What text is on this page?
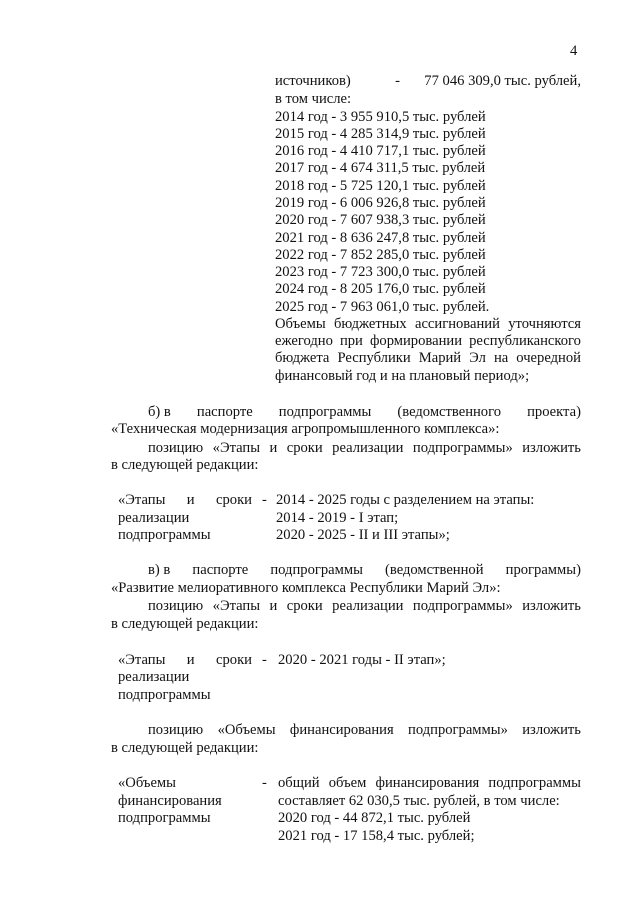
4
источников)	- 77 046 309,0 тыс. рублей,
в том числе:
2014 год - 3 955 910,5 тыс. рублей
2015 год - 4 285 314,9 тыс. рублей
2016 год - 4 410 717,1 тыс. рублей
2017 год - 4 674 311,5 тыс. рублей
2018 год - 5 725 120,1 тыс. рублей
2019 год - 6 006 926,8 тыс. рублей
2020 год - 7 607 938,3 тыс. рублей
2021 год - 8 636 247,8 тыс. рублей
2022 год - 7 852 285,0 тыс. рублей
2023 год - 7 723 300,0 тыс. рублей
2024 год - 8 205 176,0 тыс. рублей
2025 год - 7 963 061,0 тыс. рублей.
Объемы бюджетных ассигнований уточняются
ежегодно при формировании республиканского
бюджета Республики Марий Эл на очередной
финансовый год и на плановый период»;
б) в паспорте подпрограммы (ведомственного проекта)
«Техническая модернизация агропромышленного комплекса»:
позицию «Этапы и сроки реализации подпрограммы» изложить
в следующей редакции:
«Этапы и сроки
реализации
подпрограммы
- 2014 - 2025 годы с разделением на этапы:
2014 - 2019 - I этап;
2020 - 2025 - II и III этапы»;
в) в паспорте подпрограммы (ведомственной программы)
«Развитие мелиоративного комплекса Республики Марий Эл»:
позицию «Этапы и сроки реализации подпрограммы» изложить
в следующей редакции:
«Этапы и сроки
реализации
подпрограммы
- 2020 - 2021 годы - II этап»;
позицию «Объемы финансирования подпрограммы» изложить
в следующей редакции:
«Объемы
финансирования
подпрограммы
- общий объем финансирования подпрограммы
составляет 62 030,5 тыс. рублей, в том числе:
2020 год - 44 872,1 тыс. рублей
2021 год - 17 158,4 тыс. рублей;
